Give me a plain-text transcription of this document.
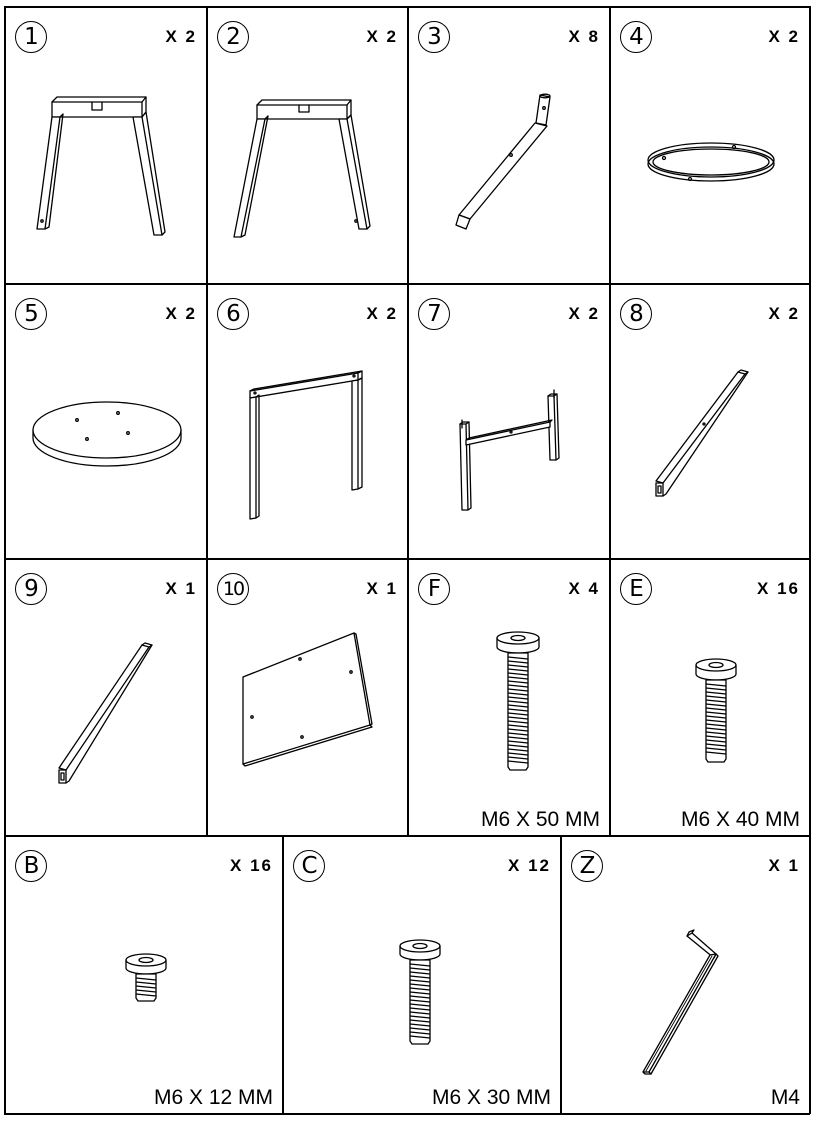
1	X 2	2	X 2	3	X 8	4	X 2
5	X 2	6	X 2	7	X 2	8	X 2
9	X 1	10	X 1	F	X 4
M6 X 50 MM
E	X 16
M6 X 40 MM
B	X 16
M6 X 12 MM
C	X 12
M6 X 30 MM
Z	X 1
M4
